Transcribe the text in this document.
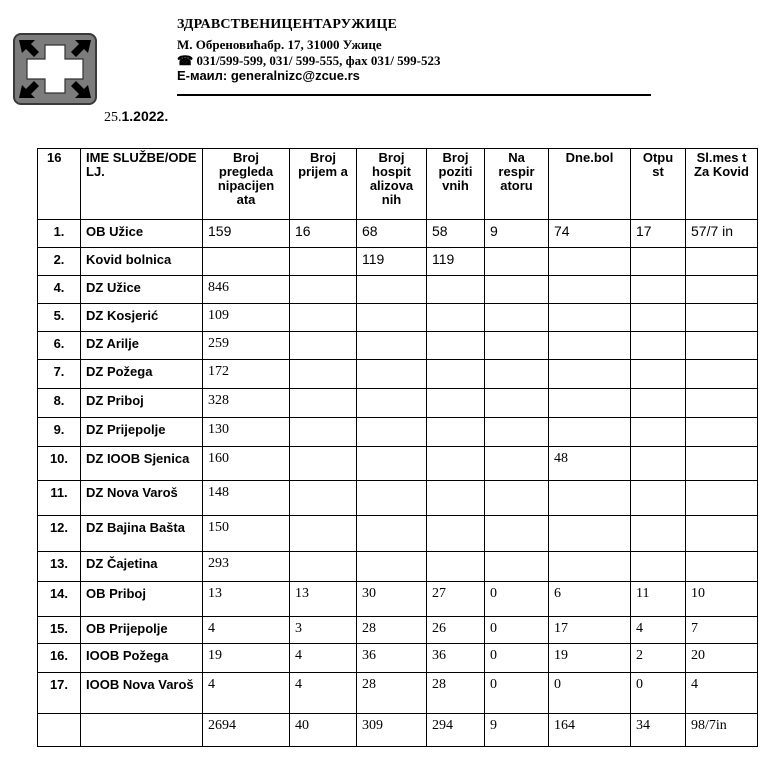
ЗДРАВСТВЕНИЦЕНТАРУЖИЦЕ
М. Обреновићабр. 17, 31000 Ужице
☎ 031/599-599, 031/ 599-555, фах 031/ 599-523
Е-маил: generalnizc@zcue.rs
25.1.2022.
16	IME SLUŽBE/ODE LJ.	Broj pregleda nipacijen ata	Broj prijem a	Broj hospit alizova nih	Broj poziti vnih	Na respir atoru	Dne.bol	Otpu st	Sl.mes t Za Kovid
1.	OB Užice	159	16	68	58	9	74	17	57/7 in
2.	Kovid bolnica			119	119				
4.	DZ Užice	846							
5.	DZ Kosjerić	109							
6.	DZ Arilje	259							
7.	DZ Požega	172							
8.	DZ Priboj	328							
9.	DZ Prijepolje	130							
10.	DZ IOOB Sjenica	160					48		
11.	DZ Nova Varoš	148							
12.	DZ Bajina Bašta	150							
13.	DZ Čajetina	293							
14.	OB Priboj	13	13	30	27	0	6	11	10
15.	OB Prijepolje	4	3	28	26	0	17	4	7
16.	IOOB Požega	19	4	36	36	0	19	2	20
17.	IOOB Nova Varoš	4	4	28	28	0	0	0	4
		2694	40	309	294	9	164	34	98/7in
